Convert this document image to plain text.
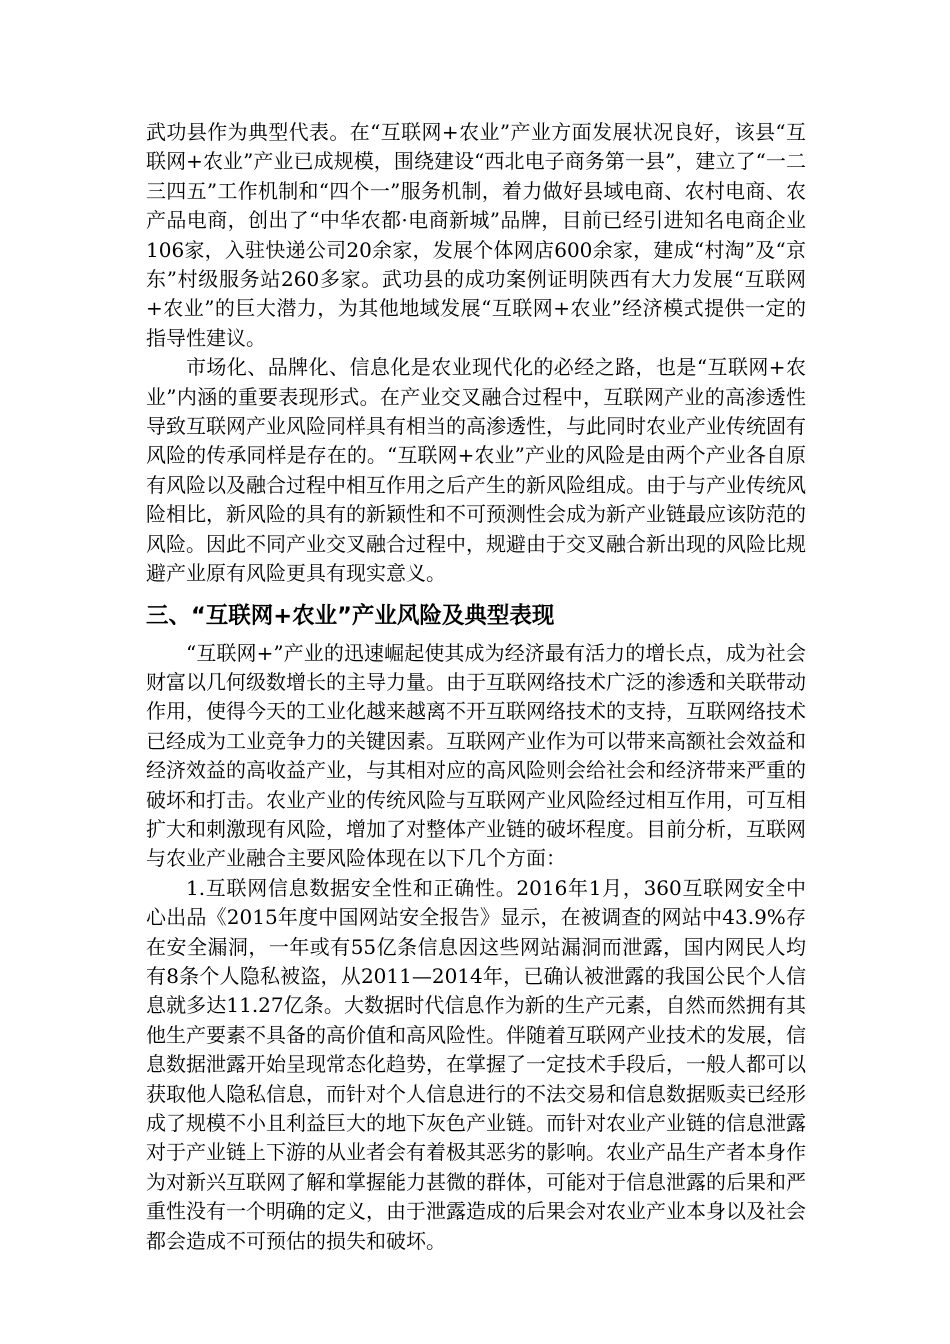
武功县作为典型代表。在“互联网+农业”产业方面发展状况良好，该县“互联网+农业”产业已成规模，围绕建设“西北电子商务第一县”，建立了“一二三四五”工作机制和“四个一”服务机制，着力做好县域电商、农村电商、农产品电商，创出了“中华农都·电商新城”品牌，目前已经引进知名电商企业106家，入驻快递公司20余家，发展个体网店600余家，建成“村淘”及“京东”村级服务站260多家。武功县的成功案例证明陕西有大力发展“互联网+农业”的巨大潜力，为其他地域发展“互联网+农业”经济模式提供一定的指导性建议。

市场化、品牌化、信息化是农业现代化的必经之路，也是“互联网+农业”内涵的重要表现形式。在产业交叉融合过程中，互联网产业的高渗透性导致互联网产业风险同样具有相当的高渗透性，与此同时农业产业传统固有风险的传承同样是存在的。“互联网+农业”产业的风险是由两个产业各自原有风险以及融合过程中相互作用之后产生的新风险组成。由于与产业传统风险相比，新风险的具有的新颖性和不可预测性会成为新产业链最应该防范的风险。因此不同产业交叉融合过程中，规避由于交叉融合新出现的风险比规避产业原有风险更具有现实意义。

三、“互联网+农业”产业风险及典型表现

“互联网+”产业的迅速崛起使其成为经济最有活力的增长点，成为社会财富以几何级数增长的主导力量。由于互联网络技术广泛的渗透和关联带动作用，使得今天的工业化越来越离不开互联网络技术的支持，互联网络技术已经成为工业竞争力的关键因素。互联网产业作为可以带来高额社会效益和经济效益的高收益产业，与其相对应的高风险则会给社会和经济带来严重的破坏和打击。农业产业的传统风险与互联网产业风险经过相互作用，可互相扩大和刺激现有风险，增加了对整体产业链的破坏程度。目前分析，互联网与农业产业融合主要风险体现在以下几个方面：

1.互联网信息数据安全性和正确性。2016年1月，360互联网安全中心出品《2015年度中国网站安全报告》显示，在被调查的网站中43.9%存在安全漏洞，一年或有55亿条信息因这些网站漏洞而泄露，国内网民人均有8条个人隐私被盗，从2011—2014年，已确认被泄露的我国公民个人信息就多达11.27亿条。大数据时代信息作为新的生产元素，自然而然拥有其他生产要素不具备的高价值和高风险性。伴随着互联网产业技术的发展，信息数据泄露开始呈现常态化趋势，在掌握了一定技术手段后，一般人都可以获取他人隐私信息，而针对个人信息进行的不法交易和信息数据贩卖已经形成了规模不小且利益巨大的地下灰色产业链。而针对农业产业链的信息泄露对于产业链上下游的从业者会有着极其恶劣的影响。农业产品生产者本身作为对新兴互联网了解和掌握能力甚微的群体，可能对于信息泄露的后果和严重性没有一个明确的定义，由于泄露造成的后果会对农业产业本身以及社会都会造成不可预估的损失和破坏。
